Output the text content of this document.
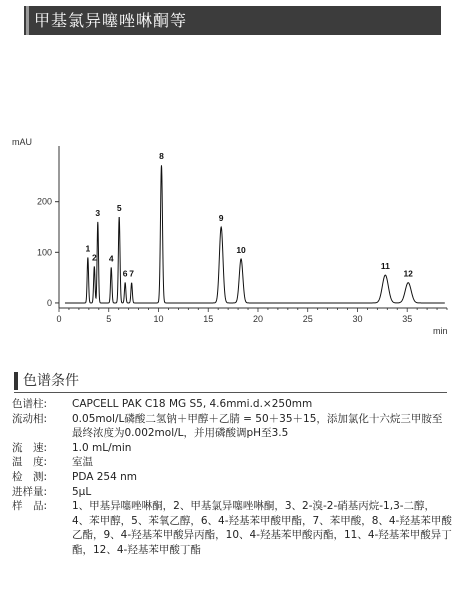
甲基氯异噻唑啉酮等
mAU
min
0
100
200
0	5	10	15	20	25	30	35
1
2
3
4
5
6 7
8
9
10
11
12
色谱条件
色谱柱:	CAPCELL PAK C18 MG S5, 4.6mmi.d.×250mm
流动相:	0.05mol/L磷酸二氢钠＋甲醇＋乙腈 = 50＋35＋15，添加氯化十六烷三甲胺至最终浓度为0.002mol/L，并用磷酸调pH至3.5
流　速:	1.0 mL/min
温　度:	室温
检　测:	PDA 254 nm
进样量:	5μL
样　品:	1、甲基异噻唑啉酮，2、甲基氯异噻唑啉酮，3、2-溴-2-硝基丙烷-1,3-二醇，4、苯甲醇，5、苯氧乙醇，6、4-羟基苯甲酸甲酯，7、苯甲酸，8、4-羟基苯甲酸乙酯，9、4-羟基苯甲酸异丙酯，10、4-羟基苯甲酸丙酯，11、4-羟基苯甲酸异丁酯，12、4-羟基苯甲酸丁酯
